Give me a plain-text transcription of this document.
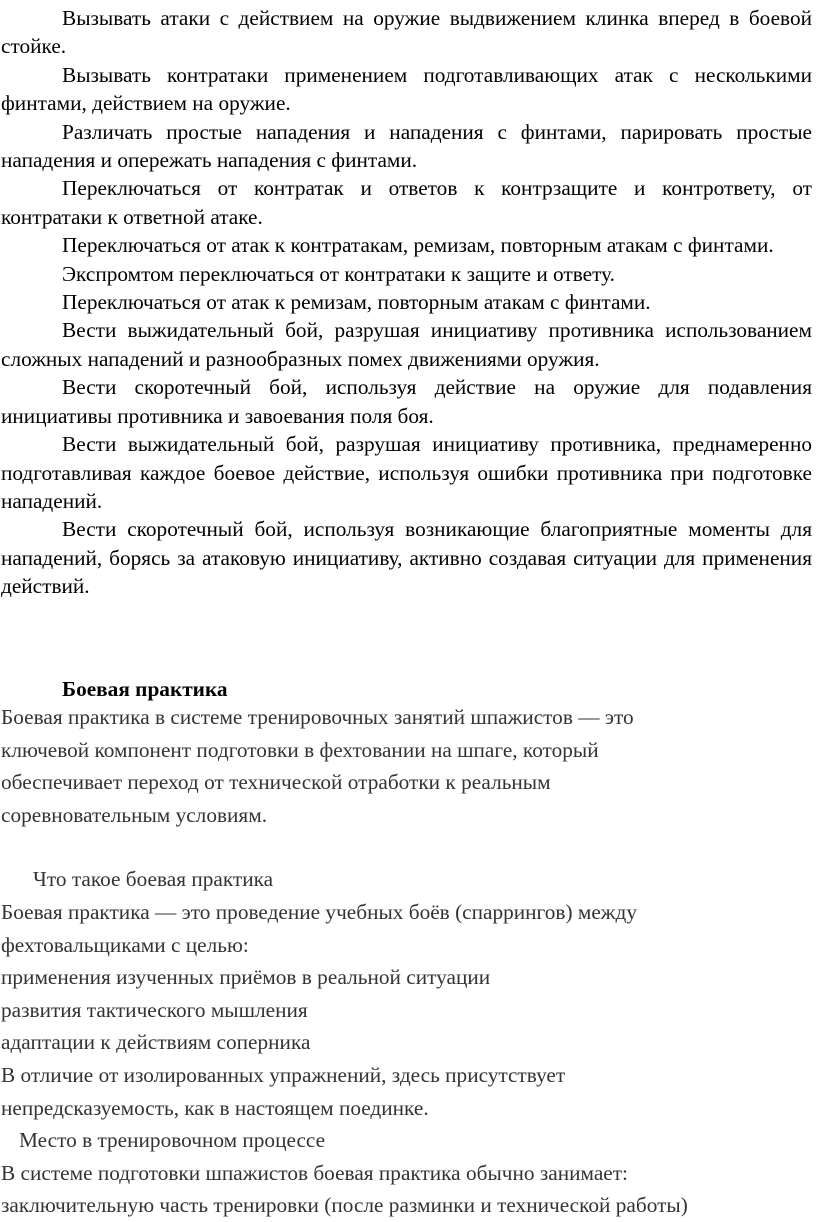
Вызывать атаки с действием на оружие выдвижением клинка вперед в боевой стойке.

Вызывать контратаки применением подготавливающих атак с несколькими финтами, действием на оружие.

Различать простые нападения и нападения с финтами, парировать простые нападения и опережать нападения с финтами.

Переключаться от контратак и ответов к контрзащите и контрответу, от контратаки к ответной атаке.

Переключаться от атак к контратакам, ремизам, повторным атакам с финтами.

Экспромтом переключаться от контратаки к защите и ответу.

Переключаться от атак к ремизам, повторным атакам с финтами.

Вести выжидательный бой, разрушая инициативу противника использованием сложных нападений и разнообразных помех движениями оружия.

Вести скоротечный бой, используя действие на оружие для подавления инициативы противника и завоевания поля боя.

Вести выжидательный бой, разрушая инициативу противника, преднамеренно подготавливая каждое боевое действие, используя ошибки противника при подготовке нападений.

Вести скоротечный бой, используя возникающие благоприятные моменты для нападений, борясь за атаковую инициативу, активно создавая ситуации для применения действий.

Боевая практика

Боевая практика в системе тренировочных занятий шпажистов — это

ключевой компонент подготовки в фехтовании на шпаге, который

обеспечивает переход от технической отработки к реальным

соревновательным условиям.

Что такое боевая практика

Боевая практика — это проведение учебных боёв (спаррингов) между

фехтовальщиками с целью:

применения изученных приёмов в реальной ситуации

развития тактического мышления

адаптации к действиям соперника

В отличие от изолированных упражнений, здесь присутствует

непредсказуемость, как в настоящем поединке.

Место в тренировочном процессе

В системе подготовки шпажистов боевая практика обычно занимает:

заключительную часть тренировки (после разминки и технической работы)
